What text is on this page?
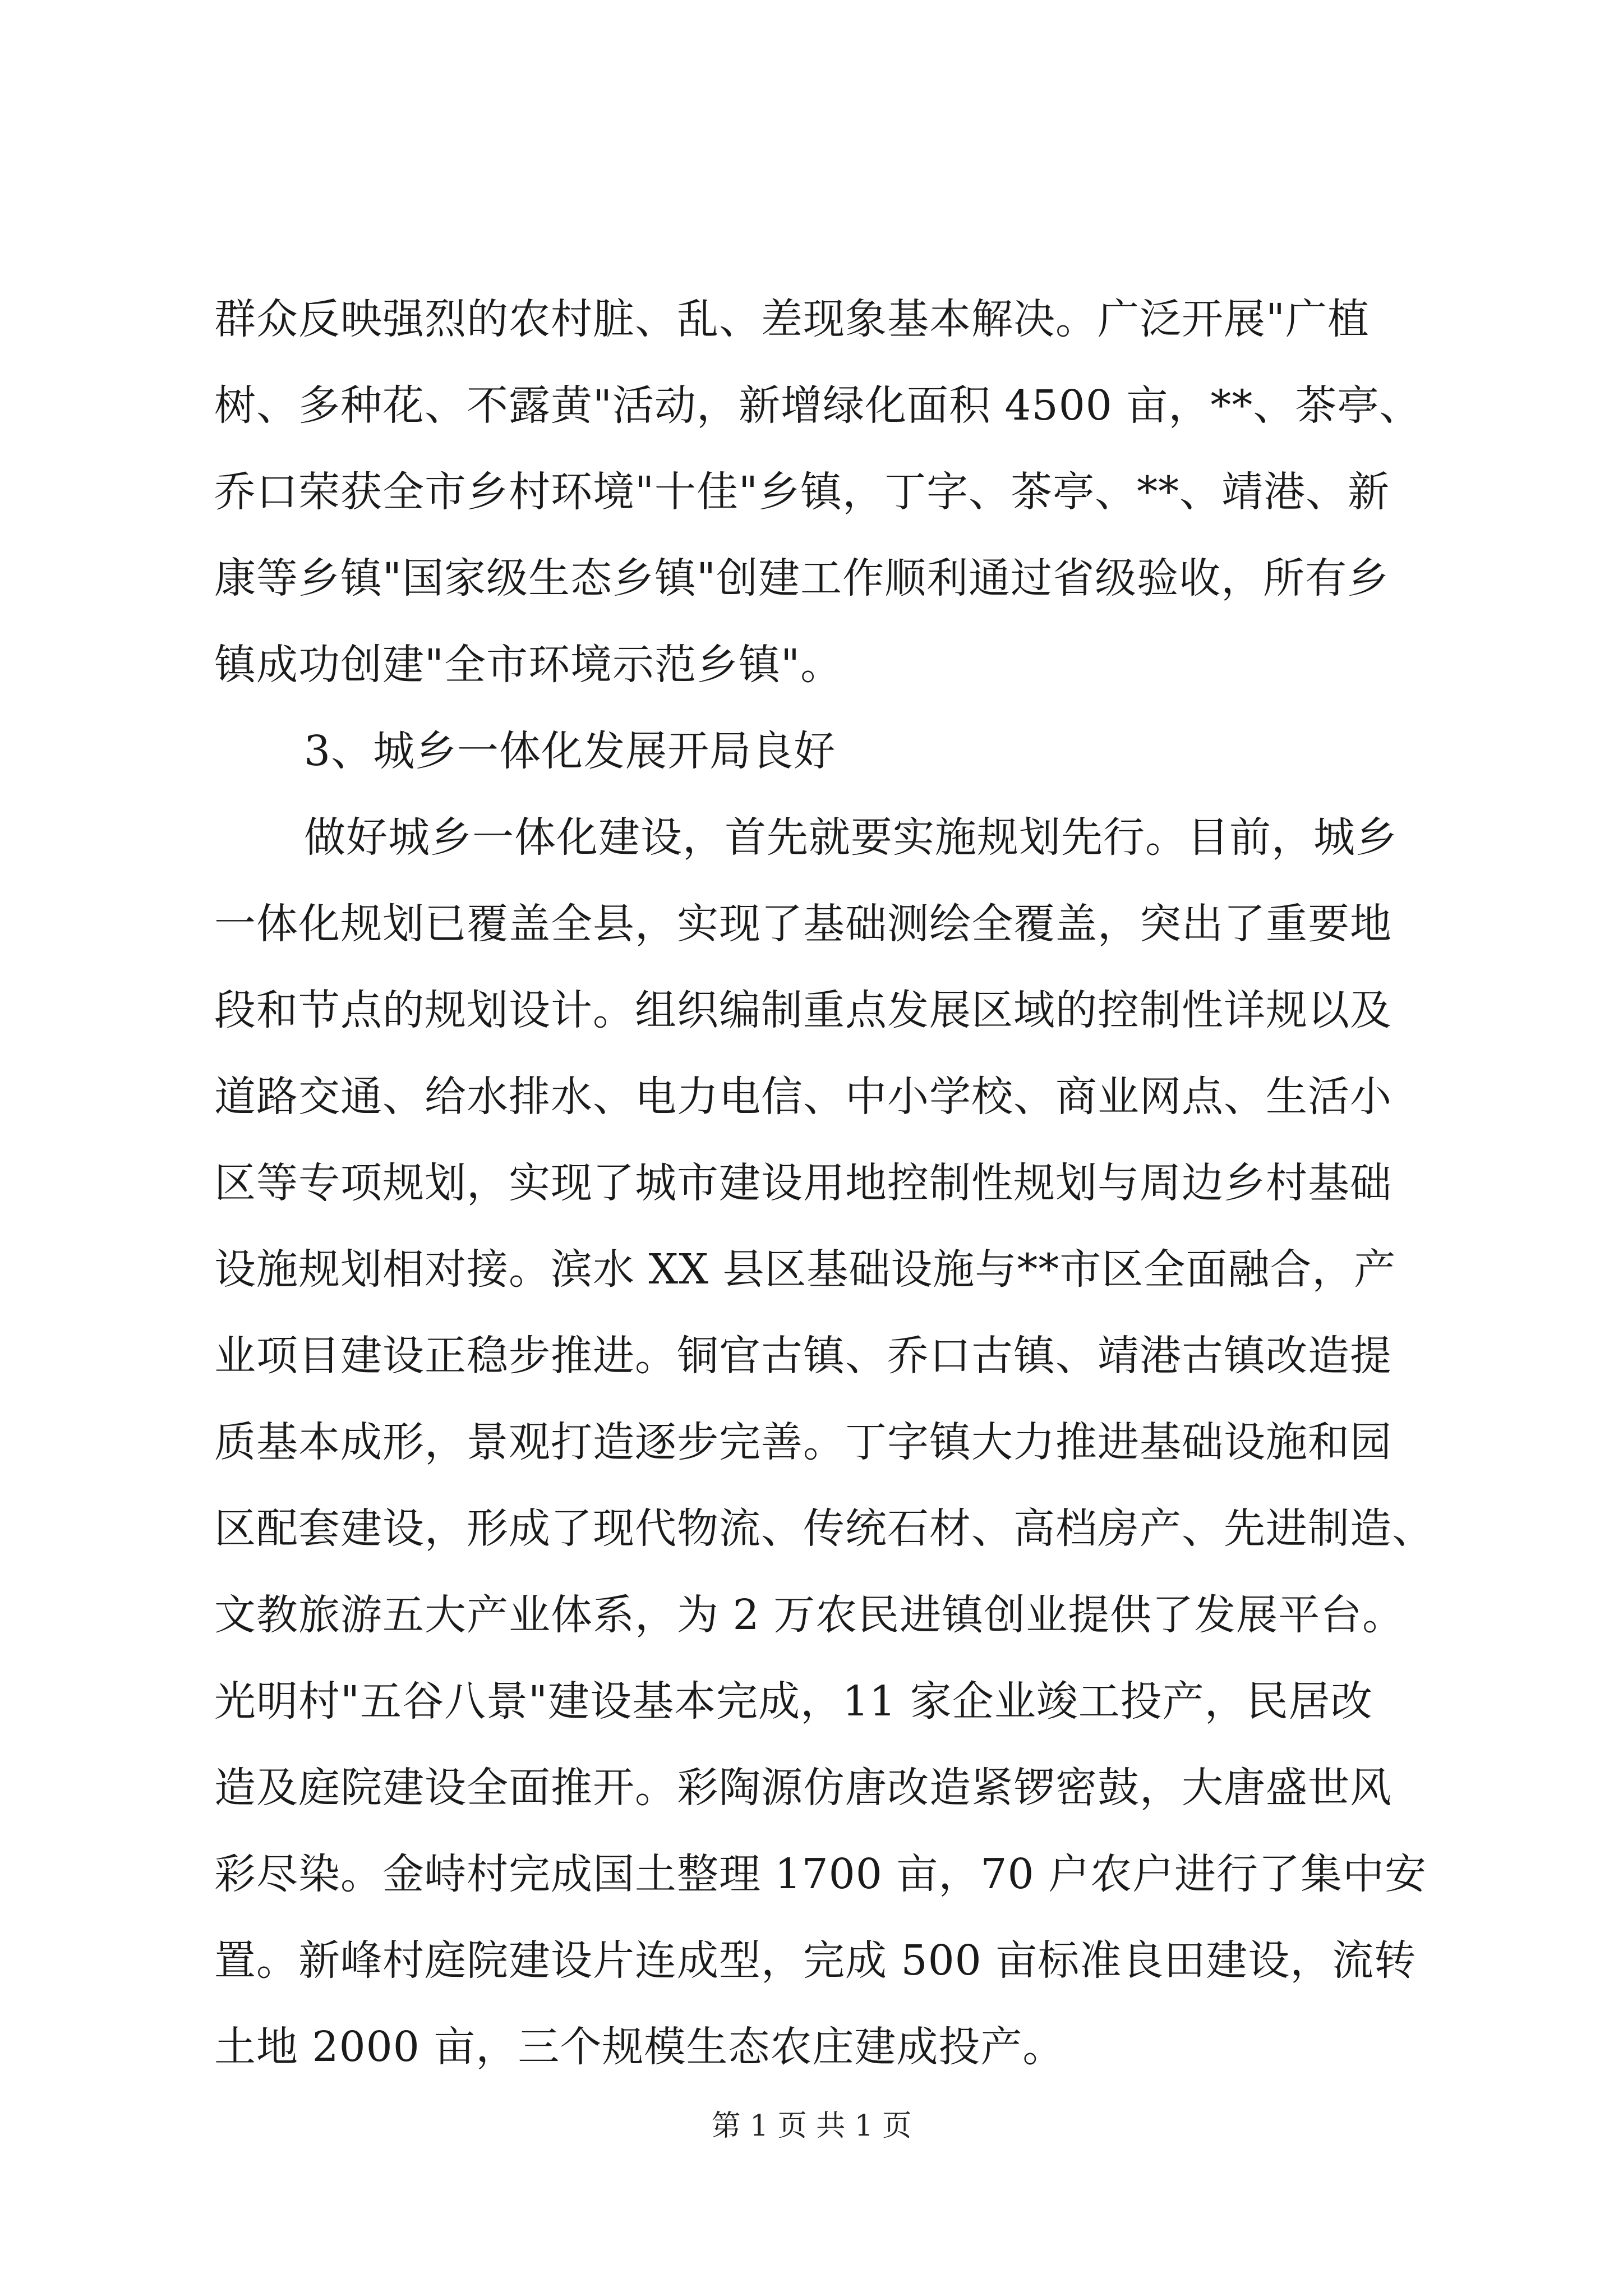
群众反映强烈的农村脏、乱、差现象基本解决。广泛开展"广植
树、多种花、不露黄"活动，新增绿化面积 4500 亩，**、茶亭、
乔口荣获全市乡村环境"十佳"乡镇，丁字、茶亭、**、靖港、新
康等乡镇"国家级生态乡镇"创建工作顺利通过省级验收，所有乡
镇成功创建"全市环境示范乡镇"。
3、城乡一体化发展开局良好
做好城乡一体化建设，首先就要实施规划先行。目前，城乡
一体化规划已覆盖全县，实现了基础测绘全覆盖，突出了重要地
段和节点的规划设计。组织编制重点发展区域的控制性详规以及
道路交通、给水排水、电力电信、中小学校、商业网点、生活小
区等专项规划，实现了城市建设用地控制性规划与周边乡村基础
设施规划相对接。滨水 XX 县区基础设施与**市区全面融合，产
业项目建设正稳步推进。铜官古镇、乔口古镇、靖港古镇改造提
质基本成形，景观打造逐步完善。丁字镇大力推进基础设施和园
区配套建设，形成了现代物流、传统石材、高档房产、先进制造、
文教旅游五大产业体系，为 2 万农民进镇创业提供了发展平台。
光明村"五谷八景"建设基本完成，11 家企业竣工投产，民居改
造及庭院建设全面推开。彩陶源仿唐改造紧锣密鼓，大唐盛世风
彩尽染。金峙村完成国土整理 1700 亩，70 户农户进行了集中安
置。新峰村庭院建设片连成型，完成 500 亩标准良田建设，流转
土地 2000 亩，三个规模生态农庄建成投产。
第 1 页 共 1 页
